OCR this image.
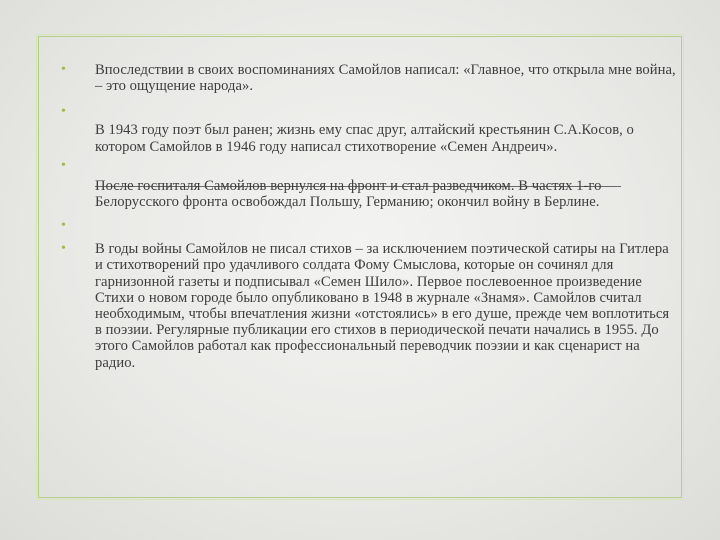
• Впоследствии в своих воспоминаниях Самойлов написал: «Главное, что открыла мне война, – это ощущение народа».
•
В 1943 году поэт был ранен; жизнь ему спас друг, алтайский крестьянин С.А.Косов, о котором Самойлов в 1946 году написал стихотворение «Семен Андреич».
•
После госпиталя Самойлов вернулся на фронт и стал разведчиком. В частях 1-го Белорусского фронта освобождал Польшу, Германию; окончил войну в Берлине.
•
• В годы войны Самойлов не писал стихов – за исключением поэтической сатиры на Гитлера и стихотворений про удачливого солдата Фому Смыслова, которые он сочинял для гарнизонной газеты и подписывал «Семен Шило». Первое послевоенное произведение Стихи о новом городе было опубликовано в 1948 в журнале «Знамя». Самойлов считал необходимым, чтобы впечатления жизни «отстоялись» в его душе, прежде чем воплотиться в поэзии. Регулярные публикации его стихов в периодической печати начались в 1955. До этого Самойлов работал как профессиональный переводчик поэзии и как сценарист на радио.
